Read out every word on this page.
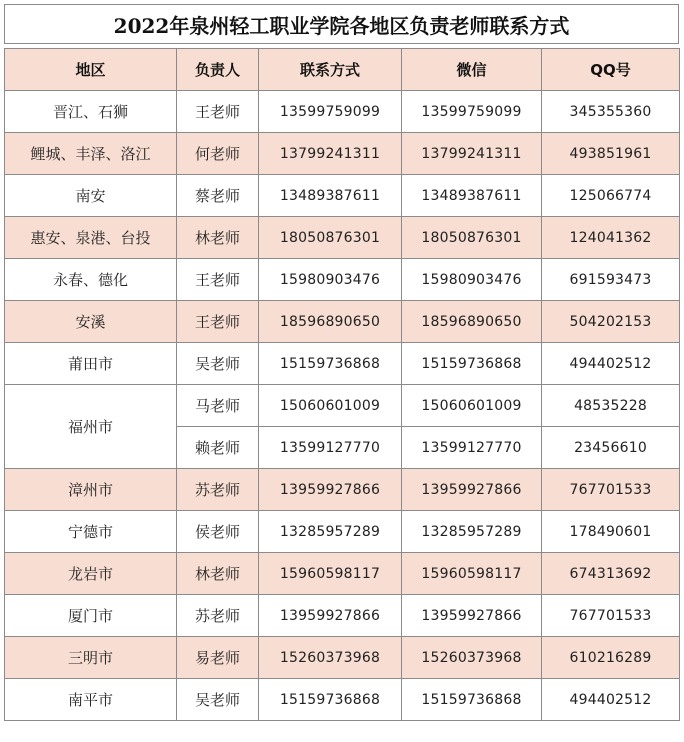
2022年泉州轻工职业学院各地区负责老师联系方式
地区	负责人	联系方式	微信	QQ号
晋江、石狮	王老师	13599759099	13599759099	345355360
鲤城、丰泽、洛江	何老师	13799241311	13799241311	493851961
南安	蔡老师	13489387611	13489387611	125066774
惠安、泉港、台投	林老师	18050876301	18050876301	124041362
永春、德化	王老师	15980903476	15980903476	691593473
安溪	王老师	18596890650	18596890650	504202153
莆田市	吴老师	15159736868	15159736868	494402512
福州市	马老师	15060601009	15060601009	48535228
	赖老师	13599127770	13599127770	23456610
漳州市	苏老师	13959927866	13959927866	767701533
宁德市	侯老师	13285957289	13285957289	178490601
龙岩市	林老师	15960598117	15960598117	674313692
厦门市	苏老师	13959927866	13959927866	767701533
三明市	易老师	15260373968	15260373968	610216289
南平市	吴老师	15159736868	15159736868	494402512
